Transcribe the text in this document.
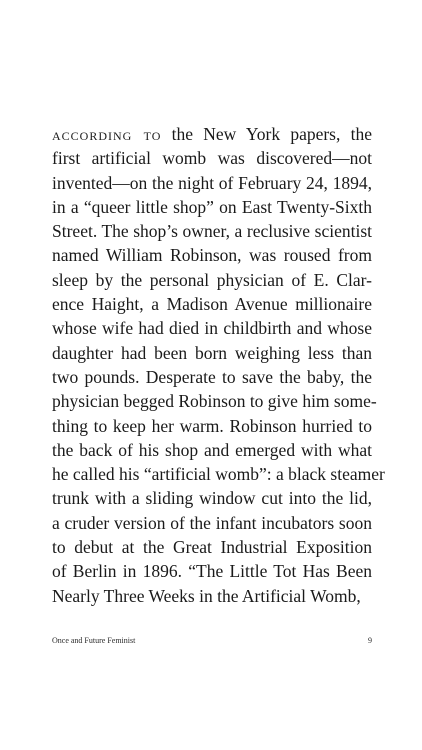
according to the New York papers, the
first artificial womb was discovered—not
invented—on the night of February 24, 1894,
in a “queer little shop” on East Twenty-Sixth
Street. The shop’s owner, a reclusive scientist
named William Robinson, was roused from
sleep by the personal physician of E. Clar-
ence Haight, a Madison Avenue millionaire
whose wife had died in childbirth and whose
daughter had been born weighing less than
two pounds. Desperate to save the baby, the
physician begged Robinson to give him some-
thing to keep her warm. Robinson hurried to
the back of his shop and emerged with what
he called his “artificial womb”: a black steamer
trunk with a sliding window cut into the lid,
a cruder version of the infant incubators soon
to debut at the Great Industrial Exposition
of Berlin in 1896. “The Little Tot Has Been
Nearly Three Weeks in the Artificial Womb,
Once and Future Feminist	9
